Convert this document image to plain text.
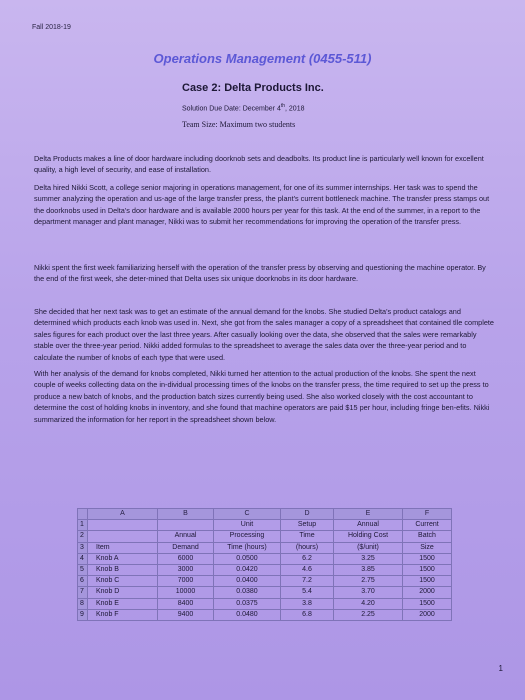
Fall 2018-19
Operations Management (0455-511)
Case 2: Delta Products Inc.
Solution Due Date: December 4th, 2018
Team Size: Maximum two students

Delta Products makes a line of door hardware including doorknob sets and deadbolts. Its product line is particularly well known for excellent quality, a high level of security, and ease of installation.

Delta hired Nikki Scott, a college senior majoring in operations management, for one of its summer internships. Her task was to spend the summer analyzing the operation and us-age of the large transfer press, the plant's current bottleneck machine. The transfer press stamps out the doorknobs used in Delta's door hardware and is available 2000 hours per year for this task. At the end of the summer, in a report to the department manager and plant manager, Nikki was to submit her recommendations for improving the operation of the transfer press.

Nikki spent the first week familiarizing herself with the operation of the transfer press by observing and questioning the machine operator. By the end of the first week, she deter-mined that Delta uses six unique doorknobs in its door hardware.

She decided that her next task was to get an estimate of the annual demand for the knobs. She studied Delta's product catalogs and determined which products each knob was used in. Next, she got from the sales manager a copy of a spreadsheet that contained tlle complete sales figures for each product over the last three years. After casually looking over the data, she observed that the sales were remarkably stable over the three-year period. Nikki added formulas to the spreadsheet to average the sales data over the three-year period and to calculate the number of knobs of each type that were used.

With her analysis of the demand for knobs completed, Nikki turned her attention to the actual production of the knobs. She spent the next couple of weeks collecting data on the in-dividual processing times of the knobs on the transfer press, the time required to set up the press to produce a new batch of knobs, and the production batch sizes currently being used. She also worked closely with the cost accountant to determine the cost of holding knobs in inventory, and she found that machine operators are paid $15 per hour, including fringe ben-efits. Nikki summarized the information for her report in the spreadsheet shown below.

	A	B	C	D	E	F
1			Unit	Setup	Annual	Current
2		Annual	Processing	Time	Holding Cost	Batch
3	Item	Demand	Time (hours)	(hours)	($/unit)	Size
4	Knob A	6000	0.0500	6.2	3.25	1500
5	Knob B	3000	0.0420	4.6	3.85	1500
6	Knob C	7000	0.0400	7.2	2.75	1500
7	Knob D	10000	0.0380	5.4	3.70	2000
8	Knob E	8400	0.0375	3.8	4.20	1500
9	Knob F	9400	0.0480	6.8	2.25	2000
1
